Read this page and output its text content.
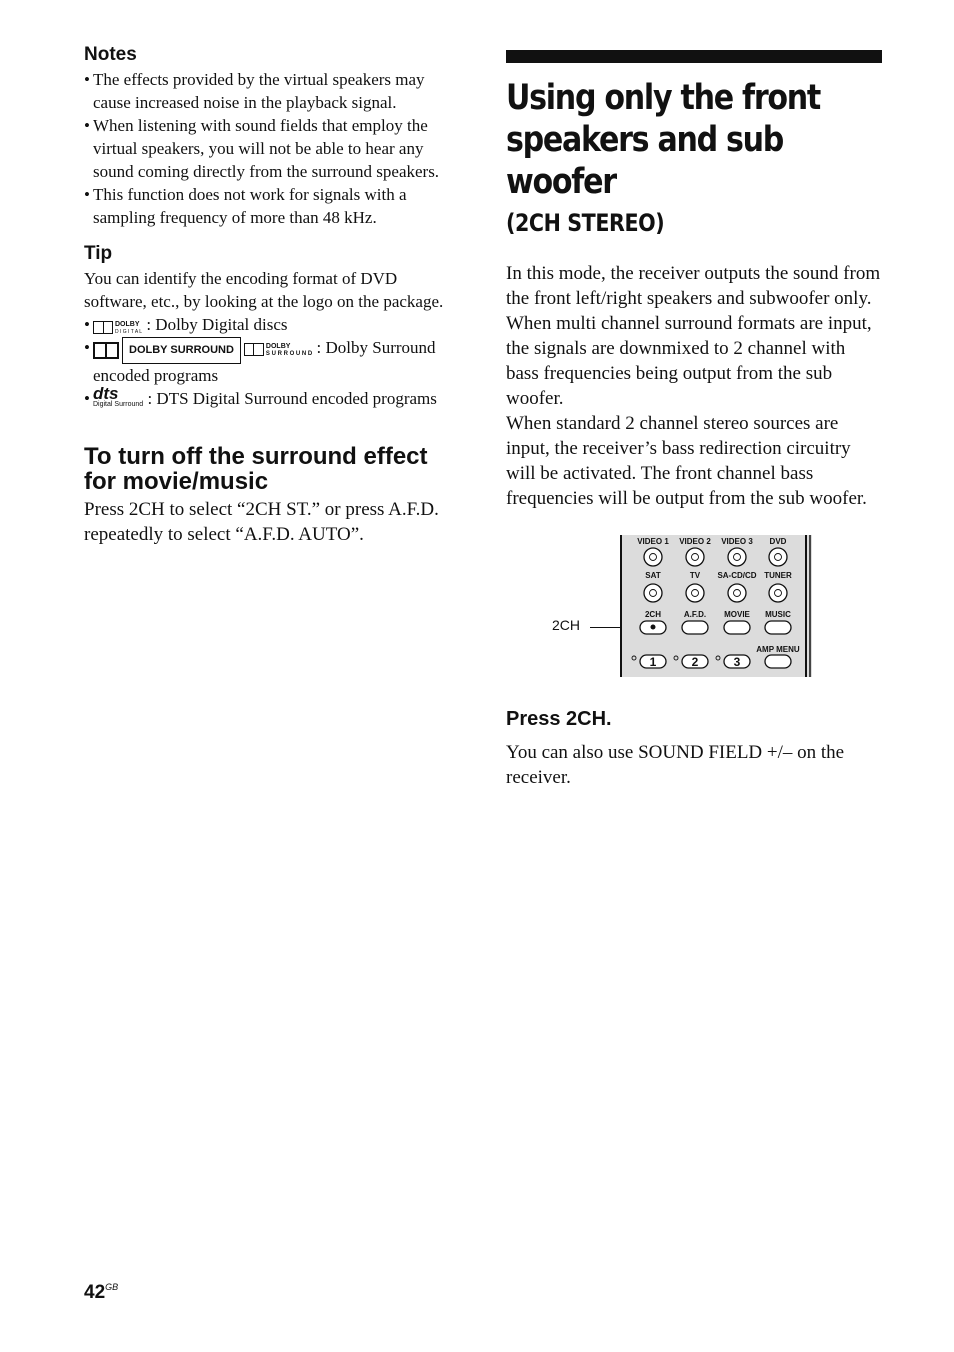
Notes
• The effects provided by the virtual speakers may cause increased noise in the playback signal.
• When listening with sound fields that employ the virtual speakers, you will not be able to hear any sound coming directly from the surround speakers.
• This function does not work for signals with a sampling frequency of more than 48 kHz.
Tip

You can identify the encoding format of DVD software, etc., by looking at the logo on the package.

•	DOLBY
D I G I T A L : Dolby Digital discs
•	DOLBY SURROUND	DOLBY
S U R R O U N D : Dolby Surround encoded programs
• dts
Digital Surround : DTS Digital Surround encoded programs
To turn off the surround effect for movie/music

Press 2CH to select “2CH ST.” or press A.F.D. repeatedly to select “A.F.D. AUTO”.

Using only the front speakers and sub woofer
(2CH STEREO)

In this mode, the receiver outputs the sound from the front left/right speakers and subwoofer only.

When multi channel surround formats are input, the signals are downmixed to 2 channel with bass frequencies being output from the sub woofer.

When standard 2 channel stereo sources are input, the receiver’s bass redirection circuitry will be activated. The front channel bass frequencies will be output from the sub woofer.

2CH
VIDEO 1 VIDEO 2 VIDEO 3 DVD
SAT	TV SA-CD/CD TUNER
2CH	A.F.D. MOVIE MUSIC
AMP MENU
1	2	3
Press 2CH.

You can also use SOUND FIELD +/– on the receiver.

$42^{GB}$
